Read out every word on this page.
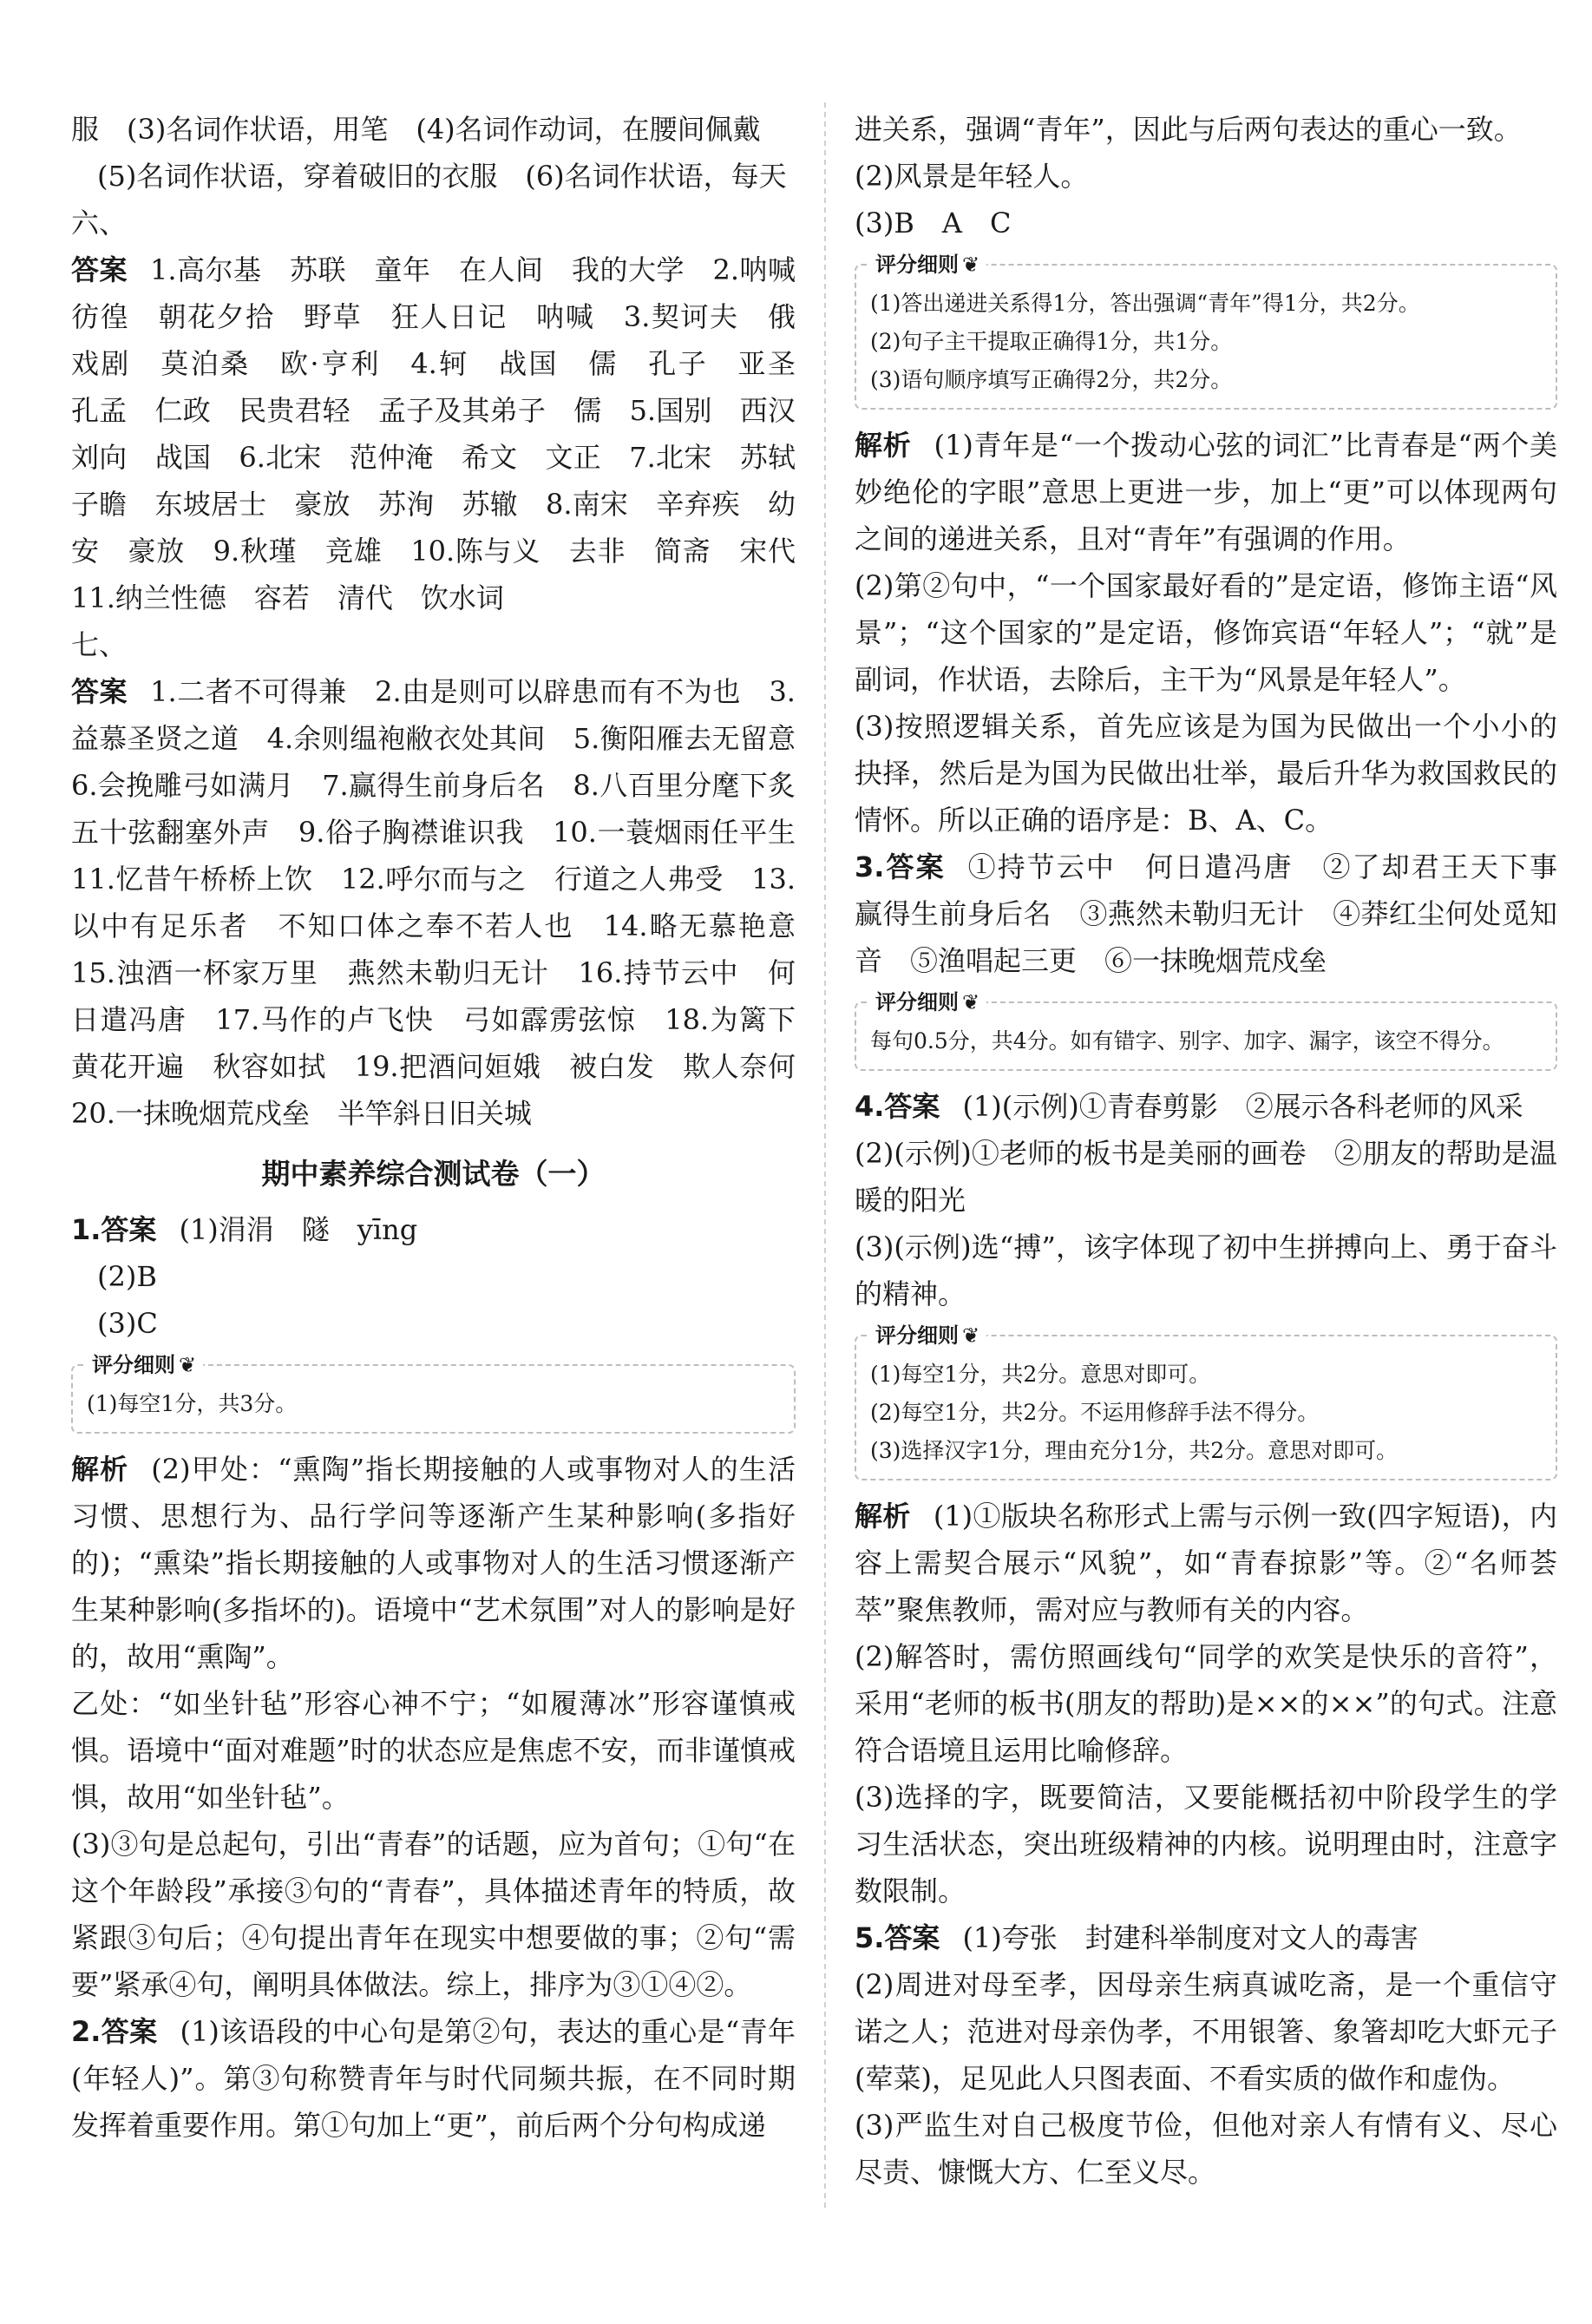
服　(3)名词作状语，用笔　(4)名词作动词，在腰间佩戴
(5)名词作状语，穿着破旧的衣服　(6)名词作状语，每天
六、
答案 1.高尔基　苏联　童年　在人间　我的大学　2.呐喊　彷徨　朝花夕拾　野草　狂人日记　呐喊　3.契诃夫　俄　戏剧　莫泊桑　欧·亨利　4.轲　战国　儒　孔子　亚圣　孔孟　仁政　民贵君轻　孟子及其弟子　儒　5.国别　西汉　刘向　战国　6.北宋　范仲淹　希文　文正　7.北宋　苏轼　子瞻　东坡居士　豪放　苏洵　苏辙　8.南宋　辛弃疾　幼安　豪放　9.秋瑾　竞雄　10.陈与义　去非　简斋　宋代　11.纳兰性德　容若　清代　饮水词
七、
答案 1.二者不可得兼　2.由是则可以辟患而有不为也　3.益慕圣贤之道　4.余则缊袍敝衣处其间　5.衡阳雁去无留意　6.会挽雕弓如满月　7.赢得生前身后名　8.八百里分麾下炙　五十弦翻塞外声　9.俗子胸襟谁识我　10.一蓑烟雨任平生　11.忆昔午桥桥上饮　12.呼尔而与之　行道之人弗受　13.以中有足乐者　不知口体之奉不若人也　14.略无慕艳意　15.浊酒一杯家万里　燕然未勒归无计　16.持节云中　何日遣冯唐　17.马作的卢飞快　弓如霹雳弦惊　18.为篱下黄花开遍　秋容如拭　19.把酒问姮娥　被白发　欺人奈何　20.一抹晚烟荒戍垒　半竿斜日旧关城
期中素养综合测试卷（一）
1.答案 (1)涓涓　隧　yīng
(2)B
(3)C
评分细则 ❦
(1)每空1分，共3分。
解析 (2)甲处：“熏陶”指长期接触的人或事物对人的生活习惯、思想行为、品行学问等逐渐产生某种影响(多指好的)；“熏染”指长期接触的人或事物对人的生活习惯逐渐产生某种影响(多指坏的)。语境中“艺术氛围”对人的影响是好的，故用“熏陶”。
乙处：“如坐针毡”形容心神不宁；“如履薄冰”形容谨慎戒惧。语境中“面对难题”时的状态应是焦虑不安，而非谨慎戒惧，故用“如坐针毡”。
(3)③句是总起句，引出“青春”的话题，应为首句；①句“在这个年龄段”承接③句的“青春”，具体描述青年的特质，故紧跟③句后；④句提出青年在现实中想要做的事；②句“需要”紧承④句，阐明具体做法。综上，排序为③①④②。
2.答案 (1)该语段的中心句是第②句，表达的重心是“青年(年轻人)”。第③句称赞青年与时代同频共振，在不同时期发挥着重要作用。第①句加上“更”，前后两个分句构成递
进关系，强调“青年”，因此与后两句表达的重心一致。
(2)风景是年轻人。
(3)B　A　C
评分细则 ❦
(1)答出递进关系得1分，答出强调“青年”得1分，共2分。
(2)句子主干提取正确得1分，共1分。
(3)语句顺序填写正确得2分，共2分。
解析 (1)青年是“一个拨动心弦的词汇”比青春是“两个美妙绝伦的字眼”意思上更进一步，加上“更”可以体现两句之间的递进关系，且对“青年”有强调的作用。
(2)第②句中，“一个国家最好看的”是定语，修饰主语“风景”；“这个国家的”是定语，修饰宾语“年轻人”；“就”是副词，作状语，去除后，主干为“风景是年轻人”。
(3)按照逻辑关系，首先应该是为国为民做出一个小小的抉择，然后是为国为民做出壮举，最后升华为救国救民的情怀。所以正确的语序是：B、A、C。
3.答案 ①持节云中　何日遣冯唐　②了却君王天下事　赢得生前身后名　③燕然未勒归无计　④莽红尘何处觅知音　⑤渔唱起三更　⑥一抹晚烟荒戍垒
评分细则 ❦
每句0.5分，共4分。如有错字、别字、加字、漏字，该空不得分。
4.答案 (1)(示例)①青春剪影　②展示各科老师的风采
(2)(示例)①老师的板书是美丽的画卷　②朋友的帮助是温暖的阳光
(3)(示例)选“搏”，该字体现了初中生拼搏向上、勇于奋斗的精神。
评分细则 ❦
(1)每空1分，共2分。意思对即可。
(2)每空1分，共2分。不运用修辞手法不得分。
(3)选择汉字1分，理由充分1分，共2分。意思对即可。
解析 (1)①版块名称形式上需与示例一致(四字短语)，内容上需契合展示“风貌”，如“青春掠影”等。②“名师荟萃”聚焦教师，需对应与教师有关的内容。
(2)解答时，需仿照画线句“同学的欢笑是快乐的音符”，采用“老师的板书(朋友的帮助)是××的××”的句式。注意符合语境且运用比喻修辞。
(3)选择的字，既要简洁，又要能概括初中阶段学生的学习生活状态，突出班级精神的内核。说明理由时，注意字数限制。
5.答案 (1)夸张　封建科举制度对文人的毒害
(2)周进对母至孝，因母亲生病真诚吃斋，是一个重信守诺之人；范进对母亲伪孝，不用银箸、象箸却吃大虾元子(荤菜)，足见此人只图表面、不看实质的做作和虚伪。
(3)严监生对自己极度节俭，但他对亲人有情有义、尽心尽责、慷慨大方、仁至义尽。
